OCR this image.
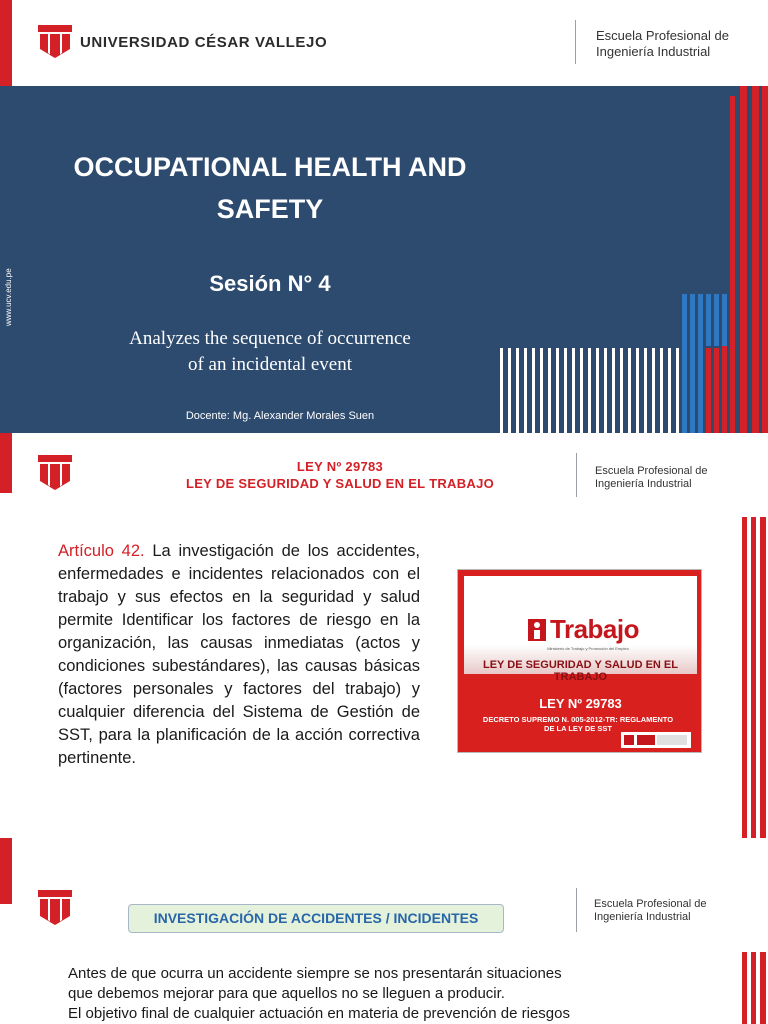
UNIVERSIDAD CÉSAR VALLEJO	Escuela Profesional de
Ingeniería Industrial
www.ucv.edu.pe
OCCUPATIONAL HEALTH AND
SAFETY
Sesión N° 4
Analyzes the sequence of occurrence
of an incidental event
Docente: Mg. Alexander Morales Suen
LEY Nº 29783
LEY DE SEGURIDAD Y SALUD EN EL TRABAJO
Escuela Profesional de
Ingeniería Industrial
Artículo 42. La investigación de los accidentes, enfermedades e incidentes relacionados con el trabajo y sus efectos en la seguridad y salud permite Identificar los factores de riesgo en la organización, las causas inmediatas (actos y condiciones subestándares), las causas básicas (factores personales y factores del trabajo) y cualquier diferencia del Sistema de Gestión de SST, para la planificación de la acción correctiva pertinente.
Trabajo
Ministerio de Trabajo y Promoción del Empleo
LEY DE SEGURIDAD Y SALUD EN EL TRABAJO
LEY Nº 29783
DECRETO SUPREMO N. 005-2012-TR: REGLAMENTO
DE LA LEY DE SST
INVESTIGACIÓN DE ACCIDENTES / INCIDENTES
Escuela Profesional de
Ingeniería Industrial
Antes de que ocurra un accidente siempre se nos presentarán situaciones
que debemos mejorar para que aquellos no se lleguen a producir.
El objetivo final de cualquier actuación en materia de prevención de riesgos
